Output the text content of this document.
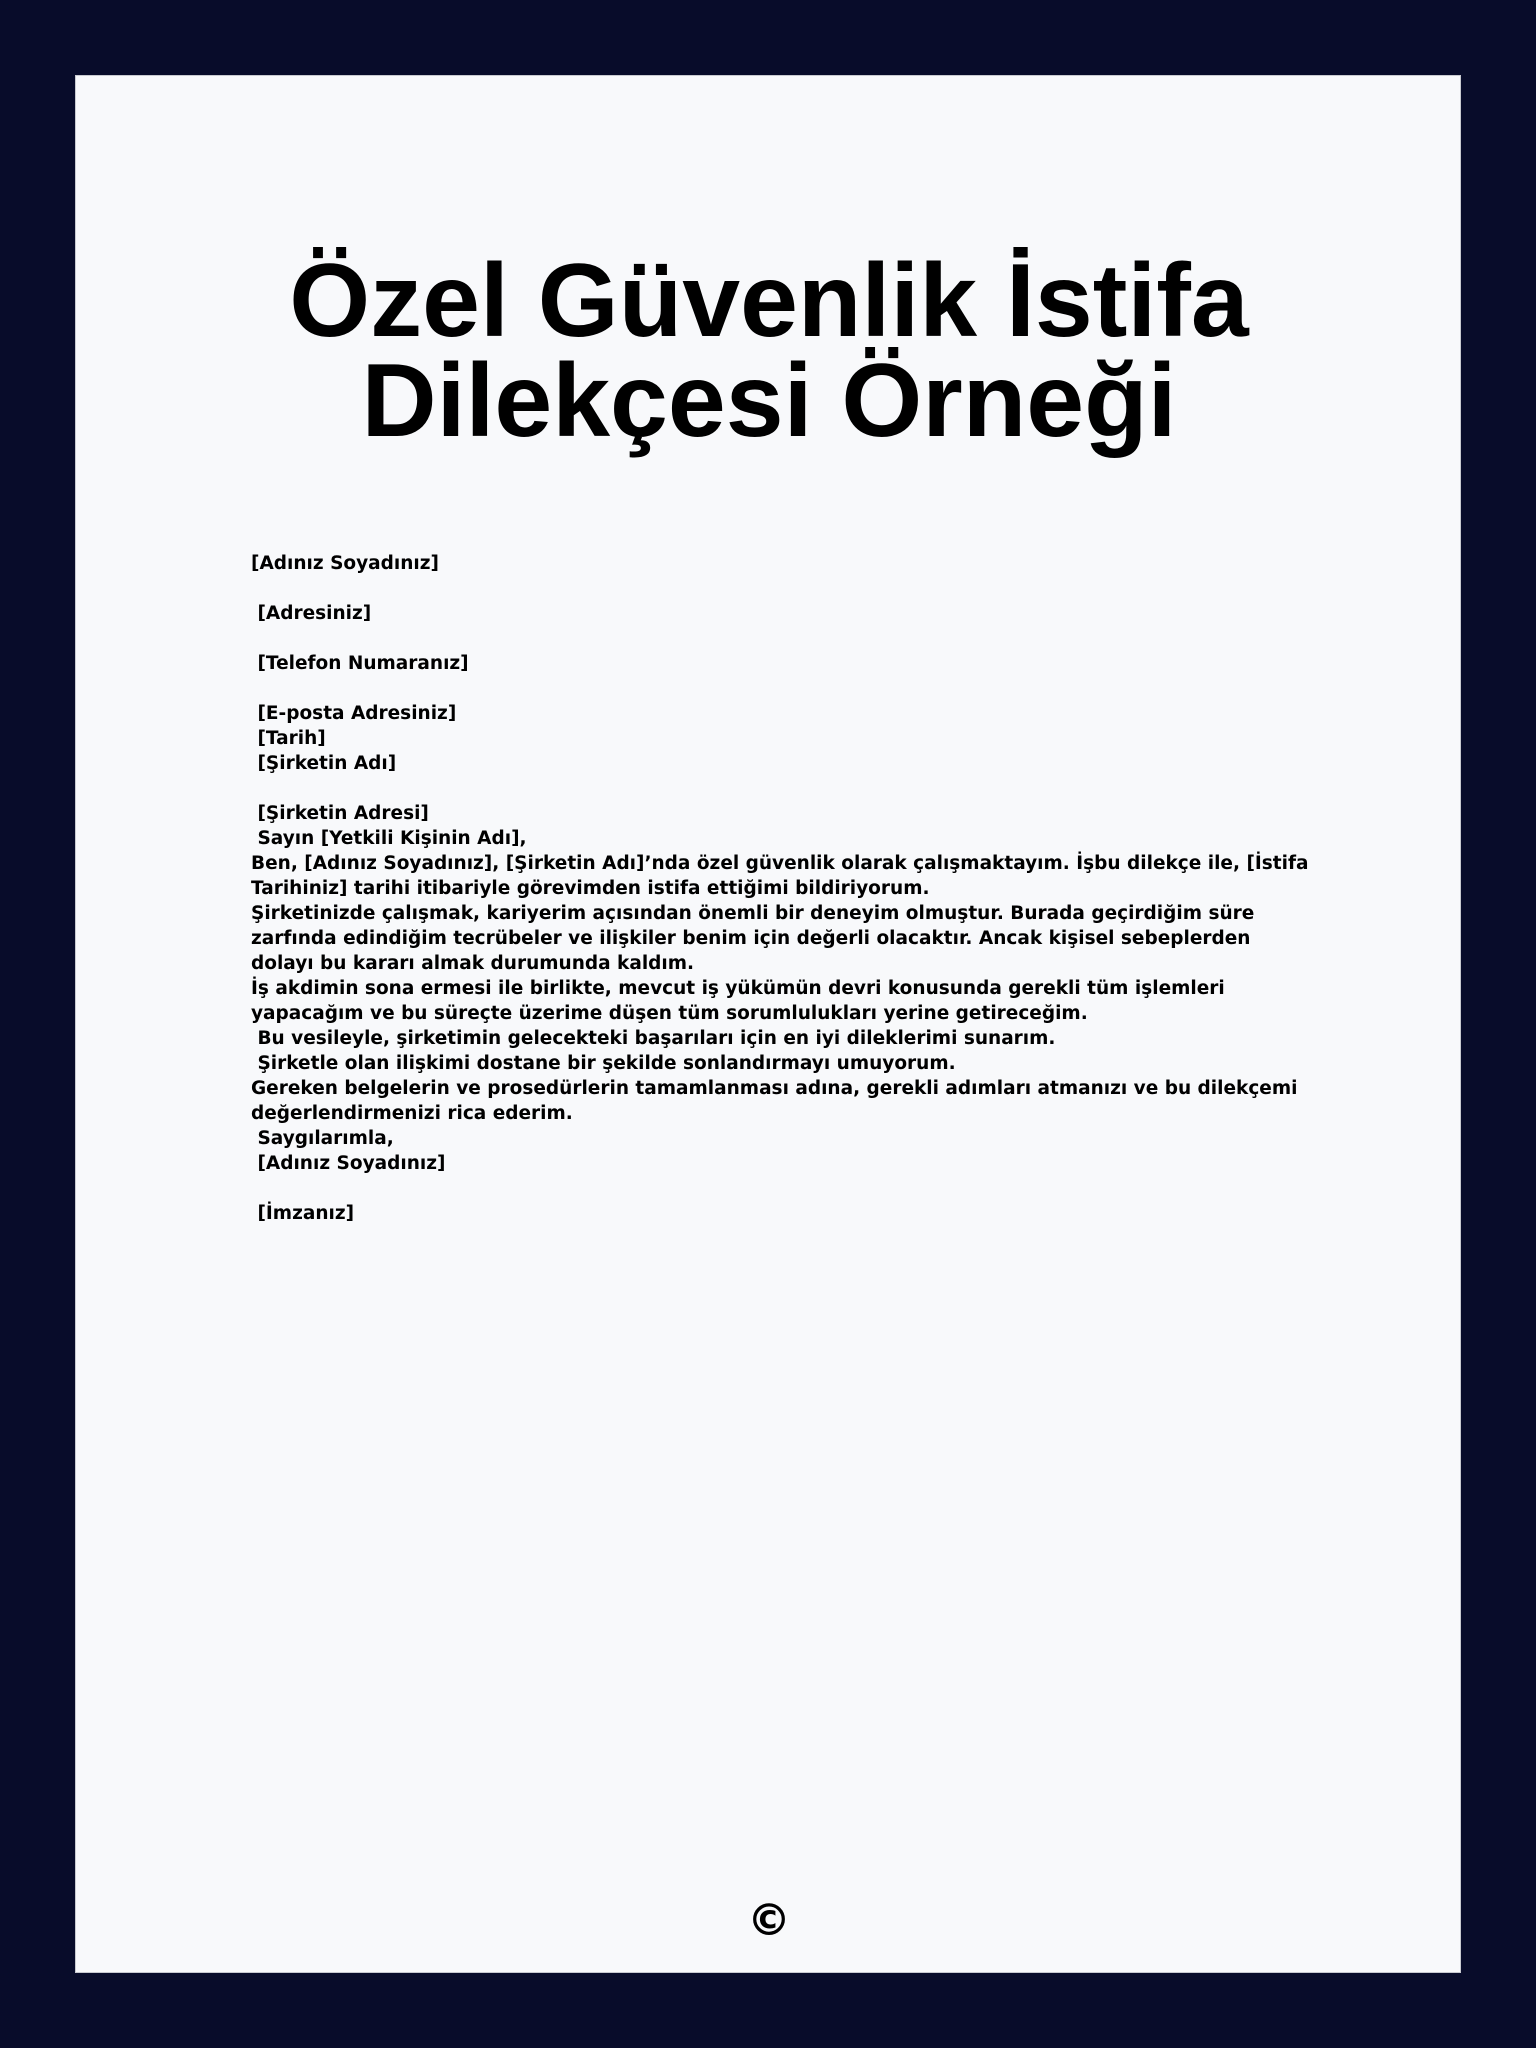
Özel Güvenlik İstifa Dilekçesi Örneği
[Adınız Soyadınız]
[Adresiniz]
[Telefon Numaranız]
[E-posta Adresiniz]
[Tarih]
[Şirketin Adı]
[Şirketin Adresi]
Sayın [Yetkili Kişinin Adı],
Ben, [Adınız Soyadınız], [Şirketin Adı]’nda özel güvenlik olarak çalışmaktayım. İşbu dilekçe ile, [İstifa Tarihiniz] tarihi itibariyle görevimden istifa ettiğimi bildiriyorum.
Şirketinizde çalışmak, kariyerim açısından önemli bir deneyim olmuştur. Burada geçirdiğim süre zarfında edindiğim tecrübeler ve ilişkiler benim için değerli olacaktır. Ancak kişisel sebeplerden dolayı bu kararı almak durumunda kaldım.
İş akdimin sona ermesi ile birlikte, mevcut iş yükümün devri konusunda gerekli tüm işlemleri yapacağım ve bu süreçte üzerime düşen tüm sorumlulukları yerine getireceğim.
Bu vesileyle, şirketimin gelecekteki başarıları için en iyi dileklerimi sunarım.
Şirketle olan ilişkimi dostane bir şekilde sonlandırmayı umuyorum.
Gereken belgelerin ve prosedürlerin tamamlanması adına, gerekli adımları atmanızı ve bu dilekçemi değerlendirmenizi rica ederim.
Saygılarımla,
[Adınız Soyadınız]
[İmzanız]
©
